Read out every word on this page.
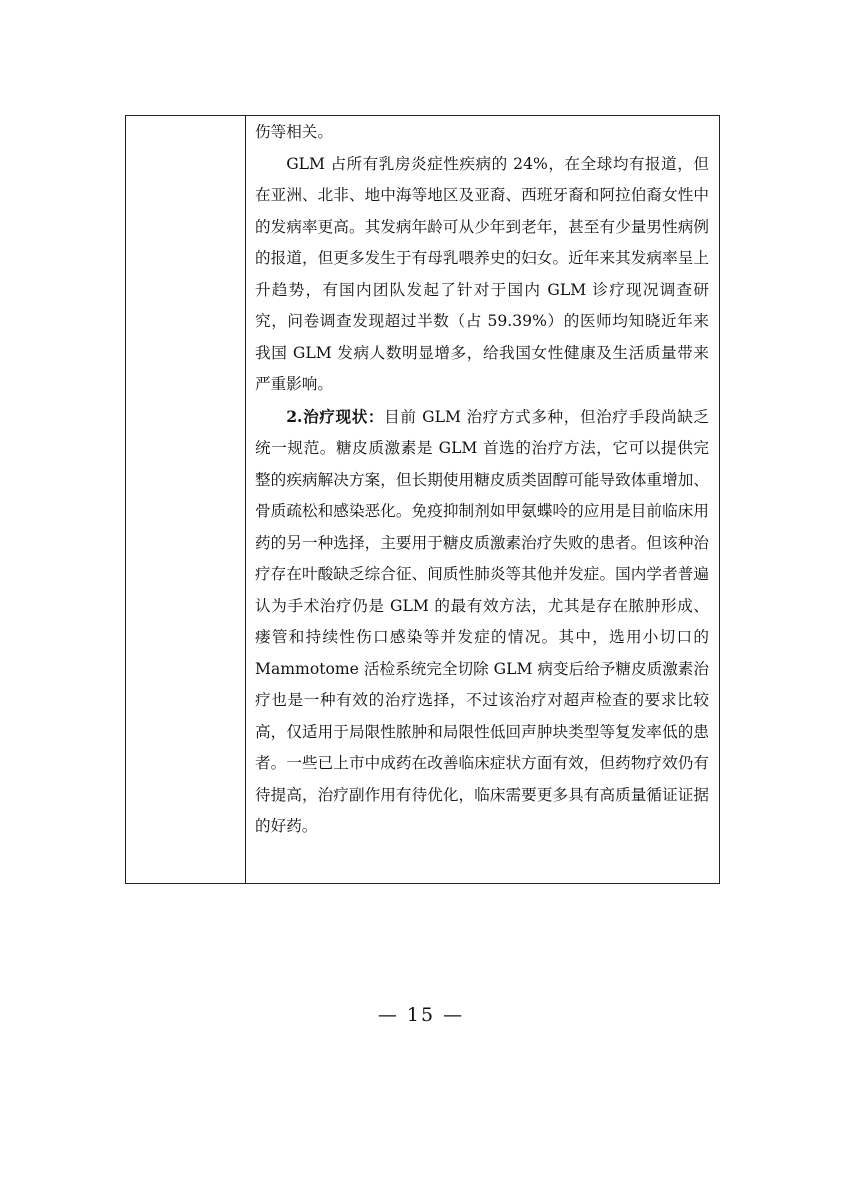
伤等相关。

GLM 占所有乳房炎症性疾病的 24%，在全球均有报道，但在亚洲、北非、地中海等地区及亚裔、西班牙裔和阿拉伯裔女性中的发病率更高。其发病年龄可从少年到老年，甚至有少量男性病例的报道，但更多发生于有母乳喂养史的妇女。近年来其发病率呈上升趋势，有国内团队发起了针对于国内 GLM 诊疗现况调查研究，问卷调查发现超过半数（占 59.39%）的医师均知晓近年来我国 GLM 发病人数明显增多，给我国女性健康及生活质量带来严重影响。

2.治疗现状：目前 GLM 治疗方式多种，但治疗手段尚缺乏统一规范。糖皮质激素是 GLM 首选的治疗方法，它可以提供完整的疾病解决方案，但长期使用糖皮质类固醇可能导致体重增加、骨质疏松和感染恶化。免疫抑制剂如甲氨蝶呤的应用是目前临床用药的另一种选择，主要用于糖皮质激素治疗失败的患者。但该种治疗存在叶酸缺乏综合征、间质性肺炎等其他并发症。国内学者普遍认为手术治疗仍是 GLM 的最有效方法，尤其是存在脓肿形成、瘘管和持续性伤口感染等并发症的情况。其中，选用小切口的 Mammotome 活检系统完全切除 GLM 病变后给予糖皮质激素治疗也是一种有效的治疗选择，不过该治疗对超声检查的要求比较高，仅适用于局限性脓肿和局限性低回声肿块类型等复发率低的患者。一些已上市中成药在改善临床症状方面有效，但药物疗效仍有待提高，治疗副作用有待优化，临床需要更多具有高质量循证证据的好药。

— 15 —
